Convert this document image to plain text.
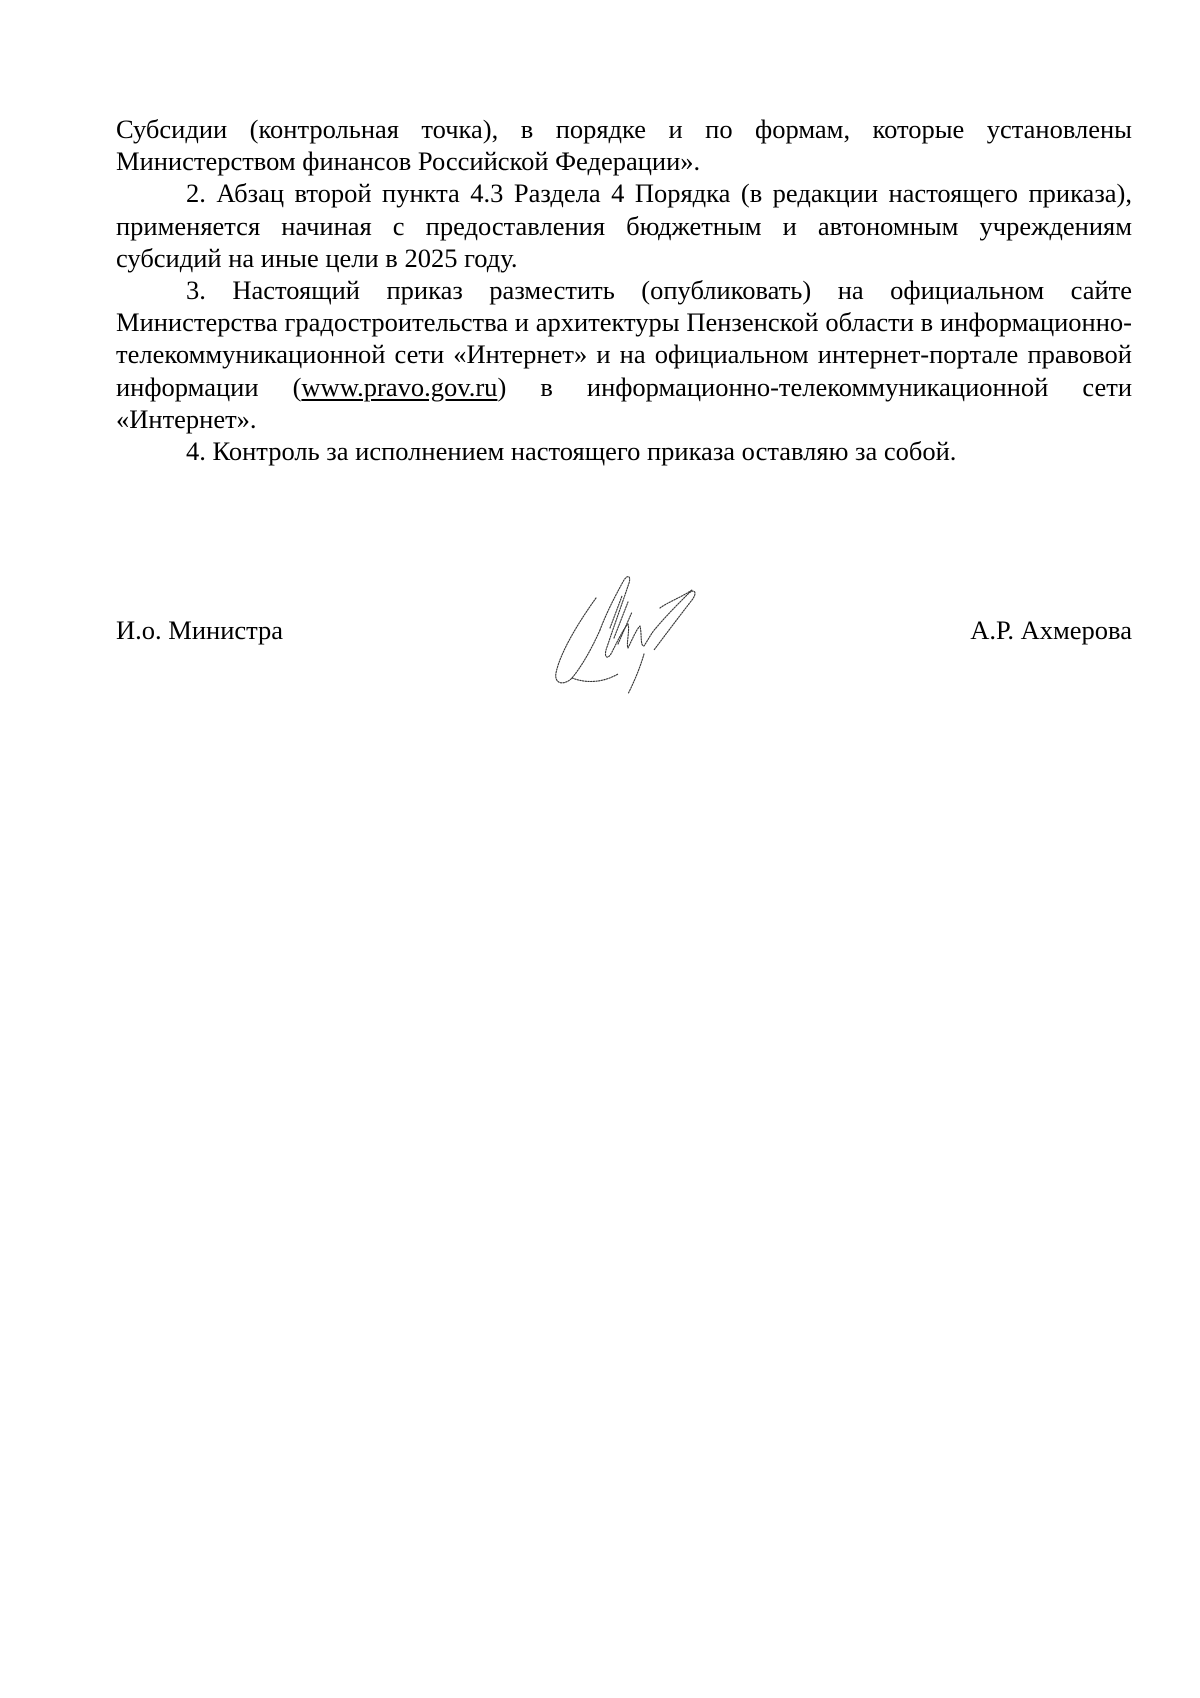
Субсидии (контрольная точка), в порядке и по формам, которые установлены Министерством финансов Российской Федерации».

2. Абзац второй пункта 4.3 Раздела 4 Порядка (в редакции настоящего приказа), применяется начиная с предоставления бюджетным и автономным учреждениям субсидий на иные цели в 2025 году.

3. Настоящий приказ разместить (опубликовать) на официальном сайте Министерства градостроительства и архитектуры Пензенской области в информационно-телекоммуникационной сети «Интернет» и на официальном интернет-портале правовой информации (www.pravo.gov.ru) в информационно-телекоммуникационной сети «Интернет».

4. Контроль за исполнением настоящего приказа оставляю за собой.

И.о. Министра	А.Р. Ахмерова
